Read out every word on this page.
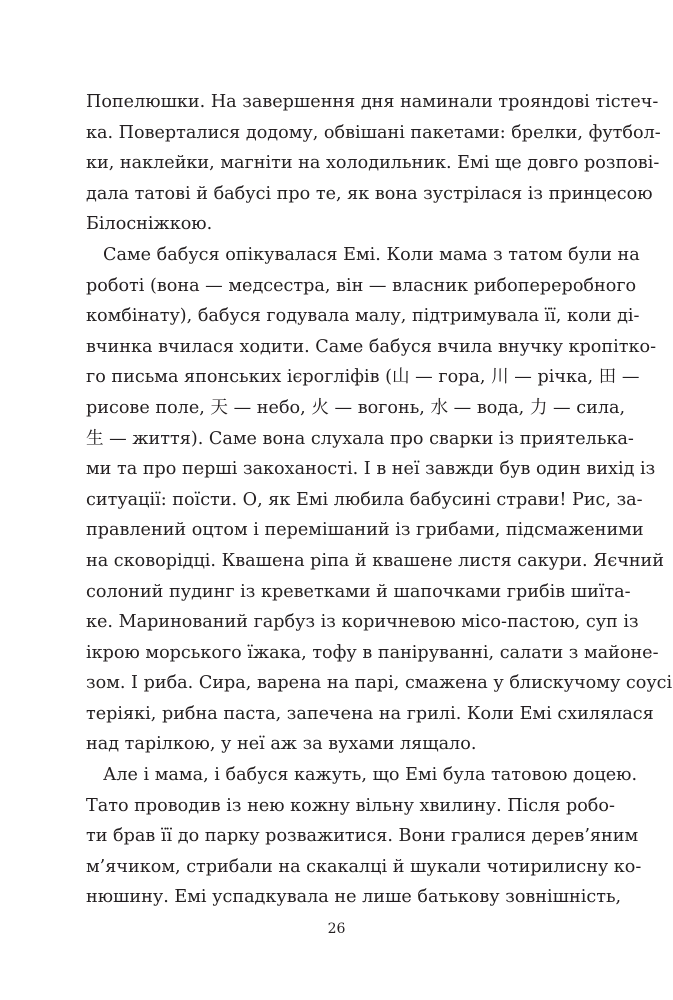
Попелюшки. На завершення дня наминали трояндові тістеч-
ка. Поверталися додому, обвішані пакетами: брелки, футбол-
ки, наклейки, магніти на холодильник. Емі ще довго розпові-
дала татові й бабусі про те, як вона зустрілася із принцесою
Білосніжкою.
Саме бабуся опікувалася Емі. Коли мама з татом були на
роботі (вона — медсестра, він — власник рибопереробного
комбінату), бабуся годувала малу, підтримувала її, коли ді-
вчинка вчилася ходити. Саме бабуся вчила внучку кропітко-
го письма японських ієрогліфів (山 — гора, 川 — річка, 田 —
рисове поле, 天 — небо, 火 — вогонь, 水 — вода, 力 — сила,
生 — життя). Саме вона слухала про сварки із приятелька-
ми та про перші закоханості. І в неї завжди був один вихід із
ситуації: поїсти. О, як Емі любила бабусині страви! Рис, за-
правлений оцтом і перемішаний із грибами, підсмаженими
на сковорідці. Квашена ріпа й квашене листя сакури. Яєчний
солоний пудинг із креветками й шапочками грибів шиїта-
ке. Маринований гарбуз із коричневою місо-пастою, суп із
ікрою морського їжака, тофу в паніруванні, салати з майоне-
зом. І риба. Сира, варена на парі, смажена у блискучому соусі
теріякі, рибна паста, запечена на грилі. Коли Емі схилялася
над тарілкою, у неї аж за вухами лящало.
Але і мама, і бабуся кажуть, що Емі була татовою доцею.
Тато проводив із нею кожну вільну хвилину. Після робо-
ти брав її до парку розважитися. Вони гралися дерев’яним
м’ячиком, стрибали на скакалці й шукали чотирилисну ко-
нюшину. Емі успадкувала не лише батькову зовнішність,
26
